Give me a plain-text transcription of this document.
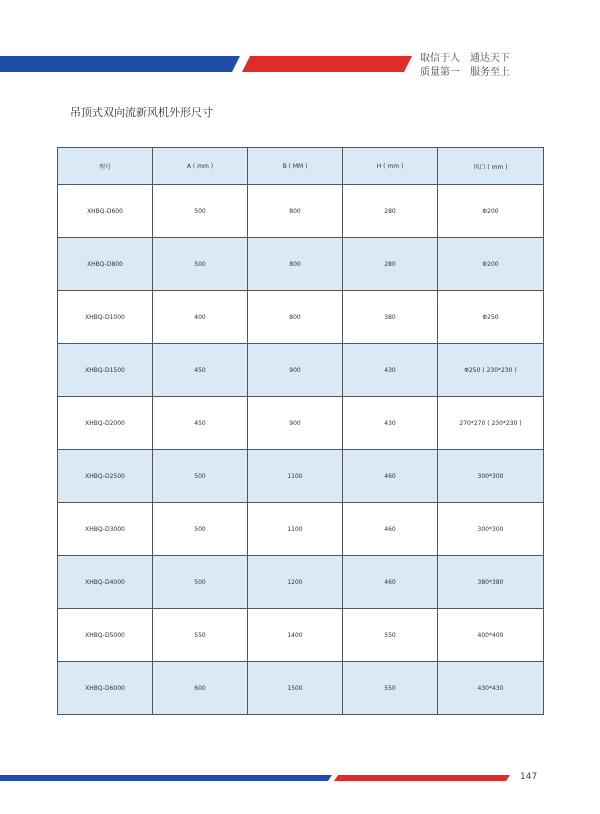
取信于人　通达天下
质量第一　服务至上
吊顶式双向流新风机外形尺寸
型号	A ( mm )	B ( MM )	H ( mm )	风口 ( mm )
XHBQ-D600	500	800	280	Φ200
XHBQ-D800	500	800	280	Φ200
XHBQ-D1000	400	800	380	Φ250
XHBQ-D1500	450	900	430	Φ250 ( 230*230 )
XHBQ-D2000	450	900	430	270*270 ( 230*230 )
XHBQ-D2500	500	1100	460	300*300
XHBQ-D3000	500	1100	460	300*300
XHBQ-D4000	500	1200	460	380*380
XHBQ-D5000	550	1400	550	400*400
XHBQ-D6000	600	1500	550	430*430
147
